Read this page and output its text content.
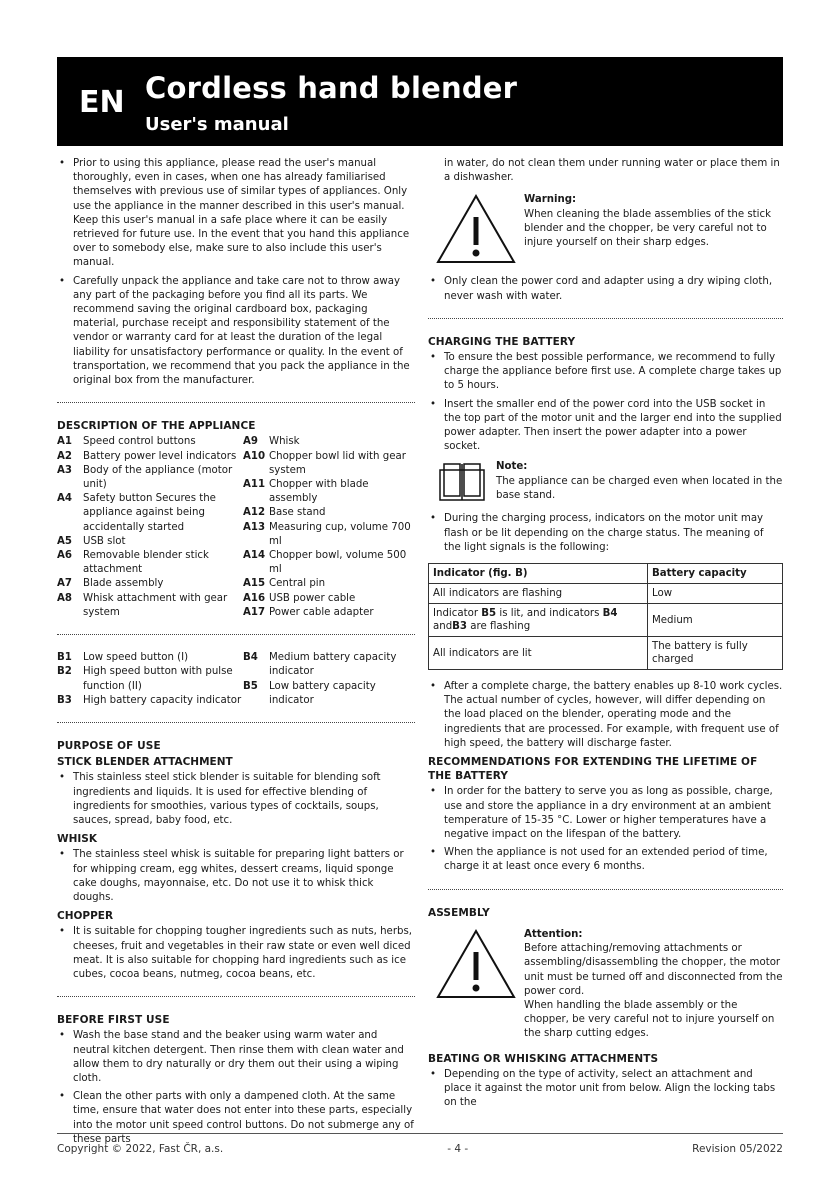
EN Cordless hand blender
User's manual
• Prior to using this appliance, please read the user's manual thoroughly, even in cases, when one has already familiarised themselves with previous use of similar types of appliances. Only use the appliance in the manner described in this user's manual. Keep this user's manual in a safe place where it can be easily retrieved for future use. In the event that you hand this appliance over to somebody else, make sure to also include this user's manual.
• Carefully unpack the appliance and take care not to throw away any part of the packaging before you find all its parts. We recommend saving the original cardboard box, packaging material, purchase receipt and responsibility statement of the vendor or warranty card for at least the duration of the legal liability for unsatisfactory performance or quality. In the event of transportation, we recommend that you pack the appliance in the original box from the manufacturer.
DESCRIPTION OF THE APPLIANCE
A1	Speed control buttons
A2	Battery power level indicators
A3	Body of the appliance (motor unit)
A4	Safety button Secures the appliance against being accidentally started
A5	USB slot
A6	Removable blender stick attachment
A7	Blade assembly
A8	Whisk attachment with gear system
A9	Whisk
A10 Chopper bowl lid with gear system
A11 Chopper with blade assembly
A12 Base stand
A13 Measuring cup, volume 700 ml
A14 Chopper bowl, volume 500 ml
A15 Central pin
A16 USB power cable
A17 Power cable adapter
B1	Low speed button (I)
B2	High speed button with pulse function (II)
B3	High battery capacity indicator
B4	Medium battery capacity indicator
B5	Low battery capacity indicator
PURPOSE OF USE
STICK BLENDER ATTACHMENT
• This stainless steel stick blender is suitable for blending soft ingredients and liquids. It is used for effective blending of ingredients for smoothies, various types of cocktails, soups, sauces, spread, baby food, etc.
WHISK
• The stainless steel whisk is suitable for preparing light batters or for whipping cream, egg whites, dessert creams, liquid sponge cake doughs, mayonnaise, etc. Do not use it to whisk thick doughs.
CHOPPER
• It is suitable for chopping tougher ingredients such as nuts, herbs, cheeses, fruit and vegetables in their raw state or even well diced meat. It is also suitable for chopping hard ingredients such as ice cubes, cocoa beans, nutmeg, cocoa beans, etc.
BEFORE FIRST USE
• Wash the base stand and the beaker using warm water and neutral kitchen detergent. Then rinse them with clean water and allow them to dry naturally or dry them out their using a wiping cloth.
• Clean the other parts with only a dampened cloth. At the same time, ensure that water does not enter into these parts, especially into the motor unit speed control buttons. Do not submerge any of these parts
in water, do not clean them under running water or place them in a dishwasher.
Warning:
When cleaning the blade assemblies of the stick blender and the chopper, be very careful not to injure yourself on their sharp edges.
• Only clean the power cord and adapter using a dry wiping cloth, never wash with water.
CHARGING THE BATTERY
• To ensure the best possible performance, we recommend to fully charge the appliance before first use. A complete charge takes up to 5 hours.
• Insert the smaller end of the power cord into the USB socket in the top part of the motor unit and the larger end into the supplied power adapter. Then insert the power adapter into a power socket.
Note:
The appliance can be charged even when located in the base stand.
• During the charging process, indicators on the motor unit may flash or be lit depending on the charge status. The meaning of the light signals is the following:
Indicator (fig. B)	Battery capacity
All indicators are flashing	Low
Indicator B5 is lit, and indicators B4 andB3 are flashing	Medium
All indicators are lit	The battery is fully charged
• After a complete charge, the battery enables up 8-10 work cycles. The actual number of cycles, however, will differ depending on the load placed on the blender, operating mode and the ingredients that are processed. For example, with frequent use of high speed, the battery will discharge faster.
RECOMMENDATIONS FOR EXTENDING THE LIFETIME OF THE BATTERY
• In order for the battery to serve you as long as possible, charge, use and store the appliance in a dry environment at an ambient temperature of 15-35 °C. Lower or higher temperatures have a negative impact on the lifespan of the battery.
• When the appliance is not used for an extended period of time, charge it at least once every 6 months.
ASSEMBLY
Attention:
Before attaching/removing attachments or assembling/disassembling the chopper, the motor unit must be turned off and disconnected from the power cord.
When handling the blade assembly or the chopper, be very careful not to injure yourself on the sharp cutting edges.
BEATING OR WHISKING ATTACHMENTS
• Depending on the type of activity, select an attachment and place it against the motor unit from below. Align the locking tabs on the
Copyright © 2022, Fast ČR, a.s.	- 4 -	Revision 05/2022
